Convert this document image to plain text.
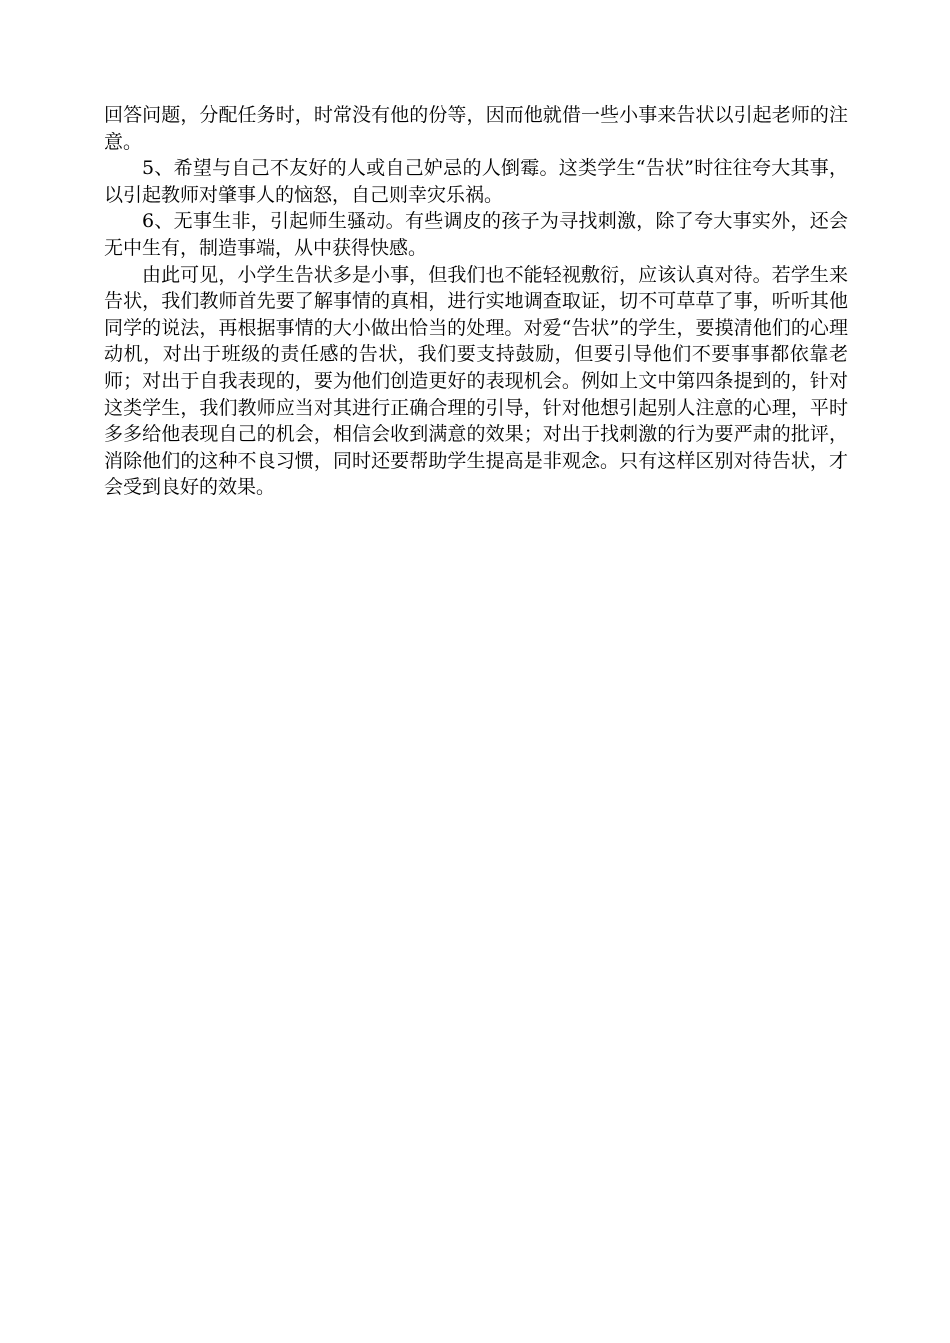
回答问题，分配任务时，时常没有他的份等，因而他就借一些小事来告状以引起老师的注意。

5、希望与自己不友好的人或自己妒忌的人倒霉。这类学生“告状”时往往夸大其事，以引起教师对肇事人的恼怒，自己则幸灾乐祸。

6、无事生非，引起师生骚动。有些调皮的孩子为寻找刺激，除了夸大事实外，还会无中生有，制造事端，从中获得快感。

由此可见，小学生告状多是小事，但我们也不能轻视敷衍，应该认真对待。若学生来告状，我们教师首先要了解事情的真相，进行实地调查取证，切不可草草了事，听听其他同学的说法，再根据事情的大小做出恰当的处理。对爱“告状”的学生，要摸清他们的心理动机，对出于班级的责任感的告状，我们要支持鼓励，但要引导他们不要事事都依靠老师；对出于自我表现的，要为他们创造更好的表现机会。例如上文中第四条提到的，针对这类学生，我们教师应当对其进行正确合理的引导，针对他想引起别人注意的心理，平时多多给他表现自己的机会，相信会收到满意的效果；对出于找刺激的行为要严肃的批评，消除他们的这种不良习惯，同时还要帮助学生提高是非观念。只有这样区别对待告状，才会受到良好的效果。
